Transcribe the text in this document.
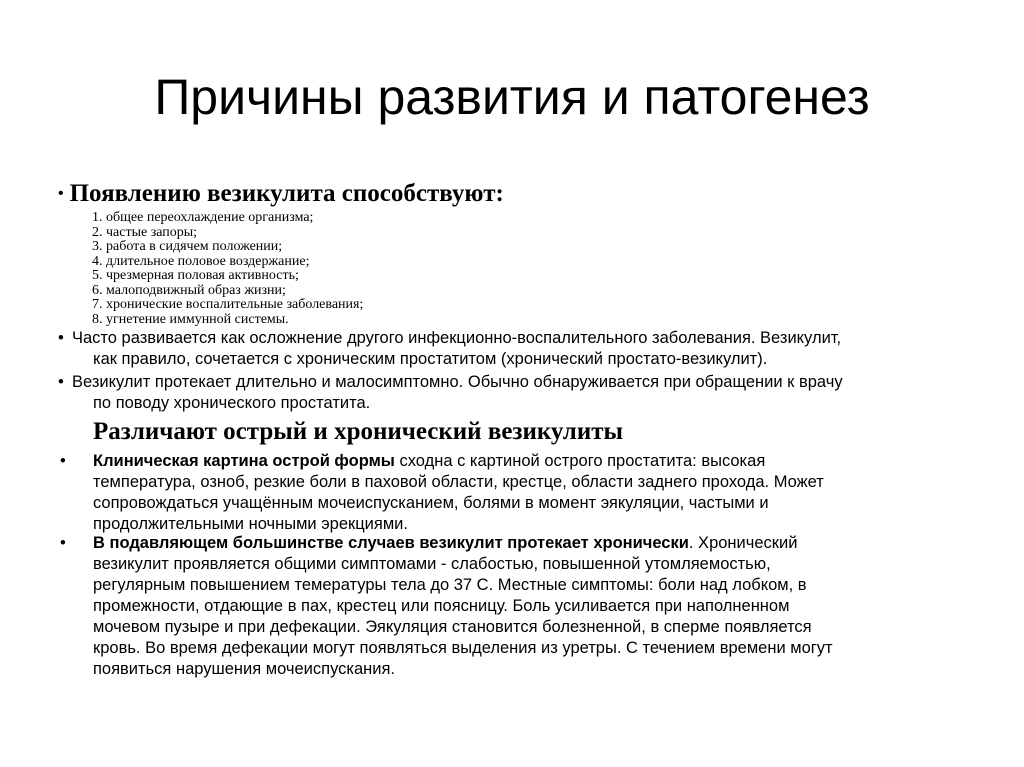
Причины развития и патогенез
• Появлению везикулита способствуют:
1. общее переохлаждение организма;
2. частые запоры;
3. работа в сидячем положении;
4. длительное половое воздержание;
5. чрезмерная половая активность;
6. малоподвижный образ жизни;
7. хронические воспалительные заболевания;
8. угнетение иммунной системы.
• Часто развивается как осложнение другого инфекционно-воспалительного заболевания. Везикулит,
как правило, сочетается с хроническим простатитом (хронический простато-везикулит).
• Везикулит протекает длительно и малосимптомно. Обычно обнаруживается при обращении к врачу
по поводу хронического простатита.
Различают острый и хронический везикулиты
•	Клиническая картина острой формы сходна с картиной острого простатита: высокая
температура, озноб, резкие боли в паховой области, крестце, области заднего прохода. Может
сопровождаться учащённым мочеиспусканием, болями в момент эякуляции, частыми и
продолжительными ночными эрекциями.
•	В подавляющем большинстве случаев везикулит протекает хронически. Хронический
везикулит проявляется общими симптомами - слабостью, повышенной утомляемостью,
регулярным повышением темературы тела до 37 С. Местные симптомы: боли над лобком, в
промежности, отдающие в пах, крестец или поясницу. Боль усиливается при наполненном
мочевом пузыре и при дефекации. Эякуляция становится болезненной, в сперме появляется
кровь. Во время дефекации могут появляться выделения из уретры. С течением времени могут
появиться нарушения мочеиспускания.
